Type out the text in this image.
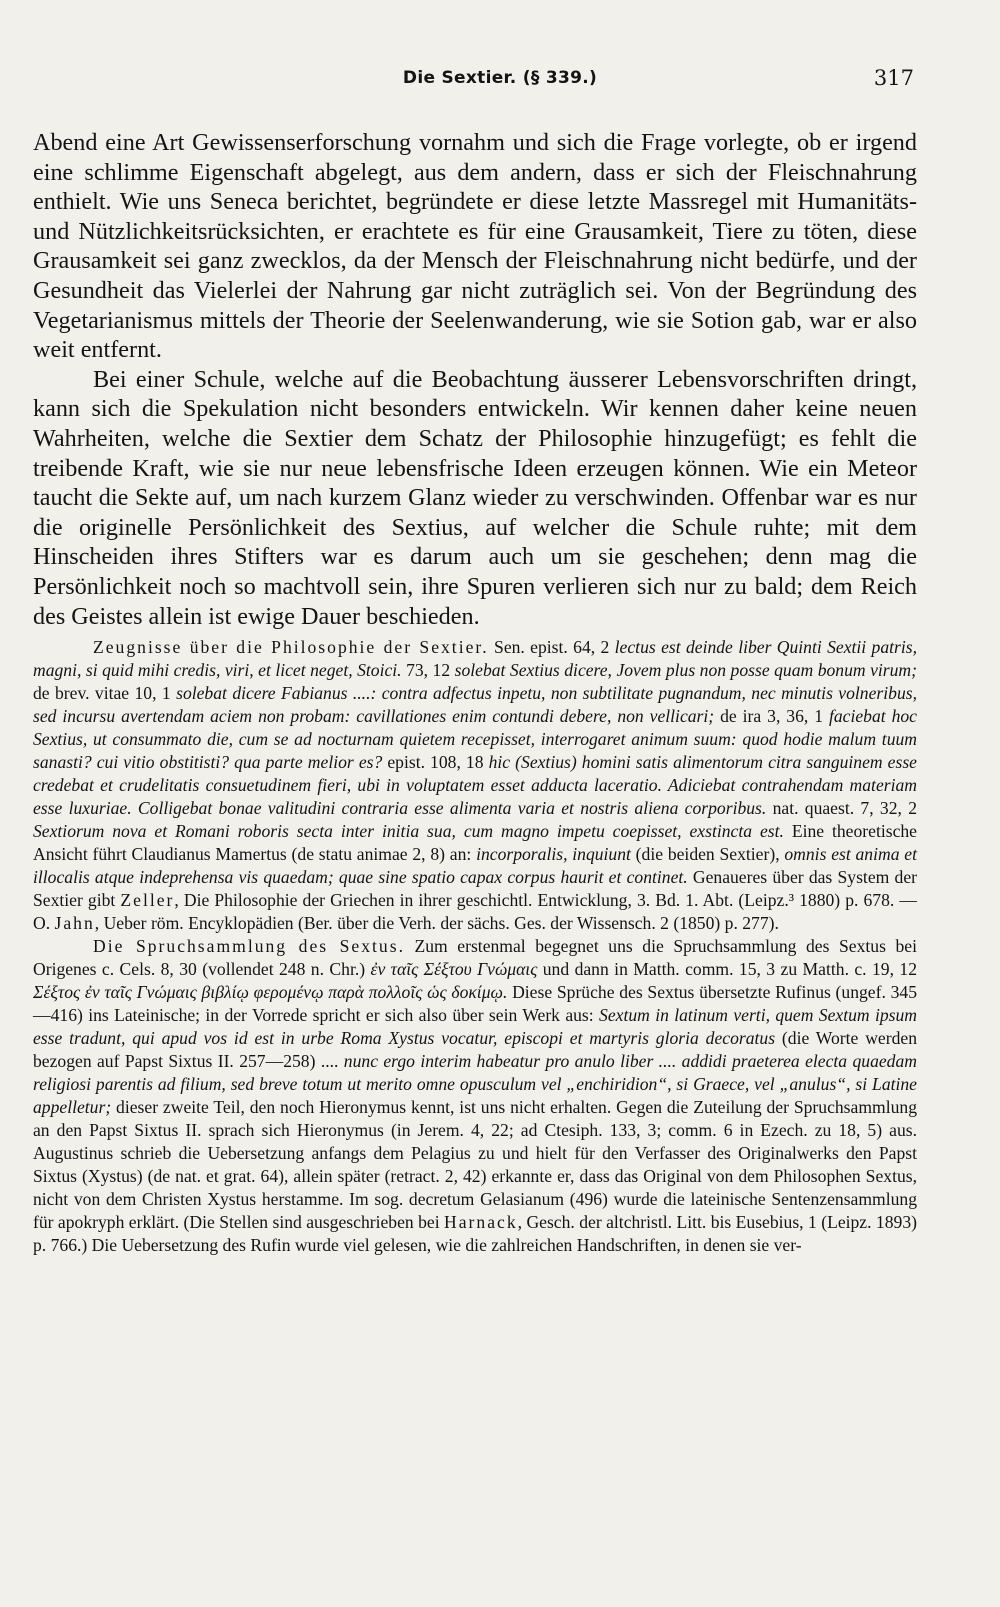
Die Sextier. (§ 339.)	317

Abend eine Art Gewissenserforschung vornahm und sich die Frage vorlegte, ob er irgend eine schlimme Eigenschaft abgelegt, aus dem andern, dass er sich der Fleischnahrung enthielt. Wie uns Seneca berichtet, begründete er diese letzte Massregel mit Humanitäts- und Nützlichkeitsrücksichten, er erachtete es für eine Grausamkeit, Tiere zu töten, diese Grausamkeit sei ganz zwecklos, da der Mensch der Fleischnahrung nicht bedürfe, und der Gesundheit das Vielerlei der Nahrung gar nicht zuträglich sei. Von der Begründung des Vegetarianismus mittels der Theorie der Seelenwanderung, wie sie Sotion gab, war er also weit entfernt.

Bei einer Schule, welche auf die Beobachtung äusserer Lebensvorschriften dringt, kann sich die Spekulation nicht besonders entwickeln. Wir kennen daher keine neuen Wahrheiten, welche die Sextier dem Schatz der Philosophie hinzugefügt; es fehlt die treibende Kraft, wie sie nur neue lebensfrische Ideen erzeugen können. Wie ein Meteor taucht die Sekte auf, um nach kurzem Glanz wieder zu verschwinden. Offenbar war es nur die originelle Persönlichkeit des Sextius, auf welcher die Schule ruhte; mit dem Hinscheiden ihres Stifters war es darum auch um sie geschehen; denn mag die Persönlichkeit noch so machtvoll sein, ihre Spuren verlieren sich nur zu bald; dem Reich des Geistes allein ist ewige Dauer beschieden.

Zeugnisse über die Philosophie der Sextier. Sen. epist. 64, 2 lectus est deinde liber Quinti Sextii patris, magni, si quid mihi credis, viri, et licet neget, Stoici. 73, 12 solebat Sextius dicere, Jovem plus non posse quam bonum virum; de brev. vitae 10, 1 solebat dicere Fabianus ....: contra adfectus inpetu, non subtilitate pugnandum, nec minutis volneribus, sed incursu avertendam aciem non probam: cavillationes enim contundi debere, non vellicari; de ira 3, 36, 1 faciebat hoc Sextius, ut consummato die, cum se ad nocturnam quietem recepisset, interrogaret animum suum: quod hodie malum tuum sanasti? cui vitio obstitisti? qua parte melior es? epist. 108, 18 hic (Sextius) homini satis alimentorum citra sanguinem esse credebat et crudelitatis consuetudinem fieri, ubi in voluptatem esset adducta laceratio. Adiciebat contrahendam materiam esse luxuriae. Colligebat bonae valitudini contraria esse alimenta varia et nostris aliena corporibus. nat. quaest. 7, 32, 2 Sextiorum nova et Romani roboris secta inter initia sua, cum magno impetu coepisset, exstincta est. Eine theoretische Ansicht führt Claudianus Mamertus (de statu animae 2, 8) an: incorporalis, inquiunt (die beiden Sextier), omnis est anima et illocalis atque indeprehensa vis quaedam; quae sine spatio capax corpus haurit et continet. Genaueres über das System der Sextier gibt Zeller, Die Philosophie der Griechen in ihrer geschichtl. Entwicklung, 3. Bd. 1. Abt. (Leipz.³ 1880) p. 678. — O. Jahn, Ueber röm. Encyklopädien (Ber. über die Verh. der sächs. Ges. der Wissensch. 2 (1850) p. 277).

Die Spruchsammlung des Sextus. Zum erstenmal begegnet uns die Spruchsammlung des Sextus bei Origenes c. Cels. 8, 30 (vollendet 248 n. Chr.) ἐν ταῖς Σέξτου Γνώμαις und dann in Matth. comm. 15, 3 zu Matth. c. 19, 12 Σέξτος ἐν ταῖς Γνώμαις βιβλίῳ φερομένῳ παρὰ πολλοῖς ὡς δοκίμῳ. Diese Sprüche des Sextus übersetzte Rufinus (ungef. 345—416) ins Lateinische; in der Vorrede spricht er sich also über sein Werk aus: Sextum in latinum verti, quem Sextum ipsum esse tradunt, qui apud vos id est in urbe Roma Xystus vocatur, episcopi et martyris gloria decoratus (die Worte werden bezogen auf Papst Sixtus II. 257—258) .... nunc ergo interim habeatur pro anulo liber .... addidi praeterea electa quaedam religiosi parentis ad filium, sed breve totum ut merito omne opusculum vel „enchiridion“, si Graece, vel „anulus“, si Latine appelletur; dieser zweite Teil, den noch Hieronymus kennt, ist uns nicht erhalten. Gegen die Zuteilung der Spruchsammlung an den Papst Sixtus II. sprach sich Hieronymus (in Jerem. 4, 22; ad Ctesiph. 133, 3; comm. 6 in Ezech. zu 18, 5) aus. Augustinus schrieb die Uebersetzung anfangs dem Pelagius zu und hielt für den Verfasser des Originalwerks den Papst Sixtus (Xystus) (de nat. et grat. 64), allein später (retract. 2, 42) erkannte er, dass das Original von dem Philosophen Sextus, nicht von dem Christen Xystus herstamme. Im sog. decretum Gelasianum (496) wurde die lateinische Sentenzensammlung für apokryph erklärt. (Die Stellen sind ausgeschrieben bei Harnack, Gesch. der altchristl. Litt. bis Eusebius, 1 (Leipz. 1893) p. 766.) Die Uebersetzung des Rufin wurde viel gelesen, wie die zahlreichen Handschriften, in denen sie ver-
